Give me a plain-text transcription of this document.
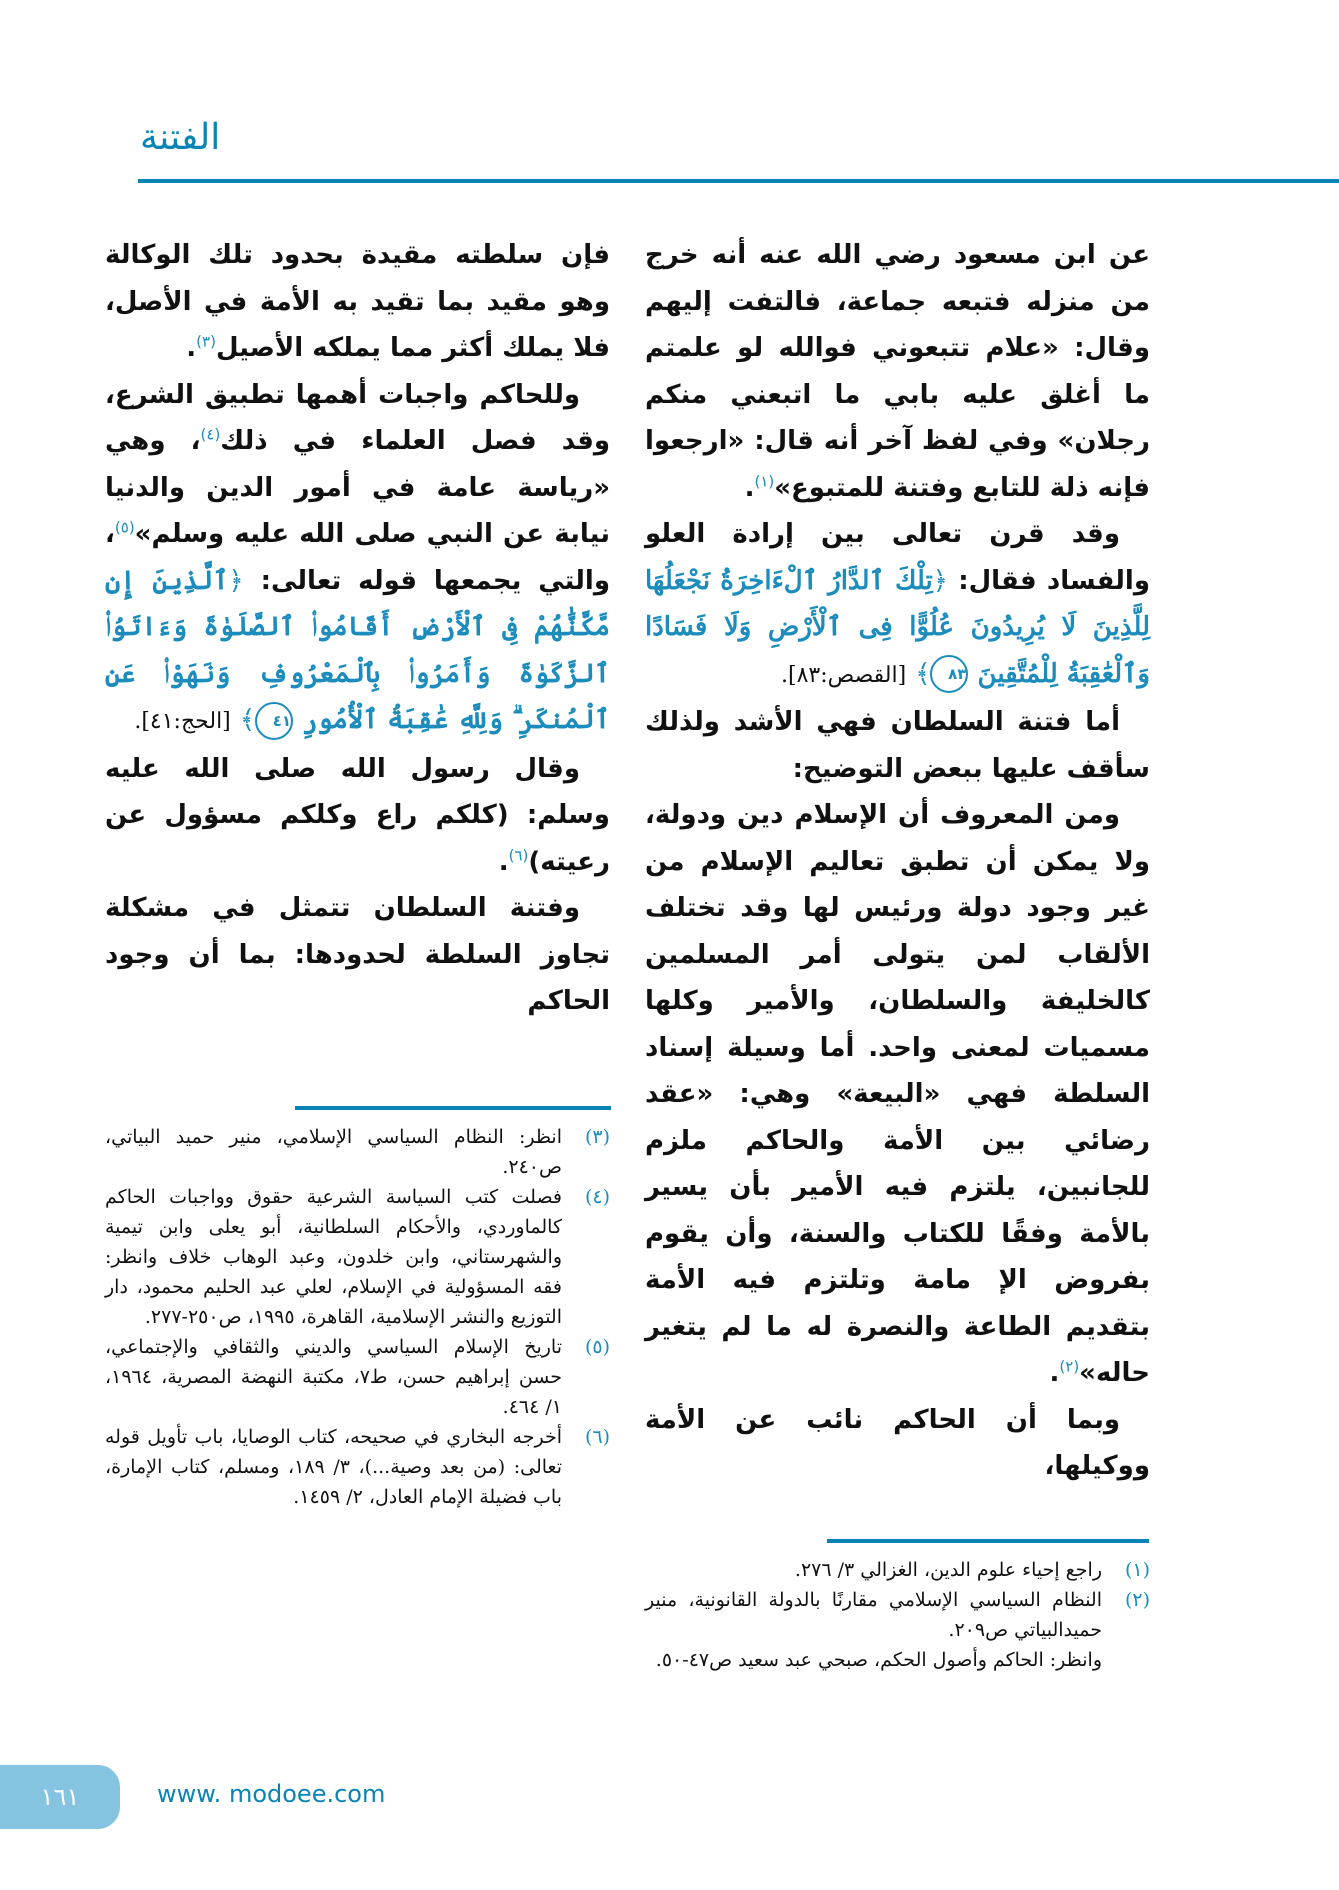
الفتنة

عن ابن مسعود رضي الله عنه أنه خرج من منزله فتبعه جماعة، فالتفت إليهم وقال: «علام تتبعوني فوالله لو علمتم ما أغلق عليه بابي ما اتبعني منكم رجلان» وفي لفظ آخر أنه قال: «ارجعوا فإنه ذلة للتابع وفتنة للمتبوع»$^{(١)}$.

وقد قرن تعالى بين إرادة العلو والفساد فقال: ﴿تِلْكَ ٱلدَّارُ ٱلْءَاخِرَةُ نَجْعَلُهَا لِلَّذِينَ لَا يُرِيدُونَ عُلُوًّا فِى ٱلْأَرْضِ وَلَا فَسَادًا وَٱلْعَٰقِبَةُ لِلْمُتَّقِينَ ٨٣﴾ [القصص:٨٣].

أما فتنة السلطان فهي الأشد ولذلك سأقف عليها ببعض التوضيح:

ومن المعروف أن الإسلام دين ودولة، ولا يمكن أن تطبق تعاليم الإسلام من غير وجود دولة ورئيس لها وقد تختلف الألقاب لمن يتولى أمر المسلمين كالخليفة والسلطان، والأمير وكلها مسميات لمعنى واحد. أما وسيلة إسناد السلطة فهي «البيعة» وهي: «عقد رضائي بين الأمة والحاكم ملزم للجانبين، يلتزم فيه الأمير بأن يسير بالأمة وفقًا للكتاب والسنة، وأن يقوم بفروض الإ مامة وتلتزم فيه الأمة بتقديم الطاعة والنصرة له ما لم يتغير حاله»$^{(٢)}$.

وبما أن الحاكم نائب عن الأمة ووكيلها،

فإن سلطته مقيدة بحدود تلك الوكالة وهو مقيد بما تقيد به الأمة في الأصل، فلا يملك أكثر مما يملكه الأصيل$^{(٣)}$.

وللحاكم واجبات أهمها تطبيق الشرع، وقد فصل العلماء في ذلك$^{(٤)}$، وهي «رياسة عامة في أمور الدين والدنيا نيابة عن النبي صلى الله عليه وسلم»$^{(٥)}$، والتي يجمعها قوله تعالى: ﴿ٱلَّذِينَ إِن مَّكَّنَّٰهُمْ فِى ٱلْأَرْضِ أَقَامُوا۟ ٱلصَّلَوٰةَ وَءَاتَوُا۟ ٱلزَّكَوٰةَ وَأَمَرُوا۟ بِٱلْمَعْرُوفِ وَنَهَوْا۟ عَنِ ٱلْمُنكَرِ ۗ وَلِلَّهِ عَٰقِبَةُ ٱلْأُمُورِ ٤١﴾ [الحج:٤١].

وقال رسول الله صلى الله عليه وسلم: (كلكم راع وكلكم مسؤول عن رعيته)$^{(٦)}$.

وفتنة السلطان تتمثل في مشكلة تجاوز السلطة لحدودها: بما أن وجود الحاكم

(١)
راجع إحياء علوم الدين، الغزالي ٣/ ٢٧٦.
(٢)
النظام السياسي الإسلامي مقارنًا بالدولة القانونية، منير حميدالبياتي ص٢٠٩.
وانظر: الحاكم وأصول الحكم، صبحي عبد سعيد ص٤٧-٥٠.
(٣)
انظر: النظام السياسي الإسلامي، منير حميد البياتي، ص٢٤٠.
(٤)
فصلت كتب السياسة الشرعية حقوق وواجبات الحاكم كالماوردي، والأحكام السلطانية، أبو يعلى وابن تيمية والشهرستاني، وابن خلدون، وعبد الوهاب خلاف وانظر: فقه المسؤولية في الإسلام، لعلي عبد الحليم محمود، دار التوزيع والنشر الإسلامية، القاهرة، ١٩٩٥، ص٢٥٠-٢٧٧.
(٥)
تاريخ الإسلام السياسي والديني والثقافي والإجتماعي، حسن إبراهيم حسن، ط٧، مكتبة النهضة المصرية، ١٩٦٤، ١/ ٤٦٤.
(٦)
أخرجه البخاري في صحيحه، كتاب الوصايا، باب تأويل قوله تعالى: (من بعد وصية...)، ٣/ ١٨٩، ومسلم، كتاب الإمارة، باب فضيلة الإمام العادل، ٢/ ١٤٥٩.
١٦١	www. modoee.com
